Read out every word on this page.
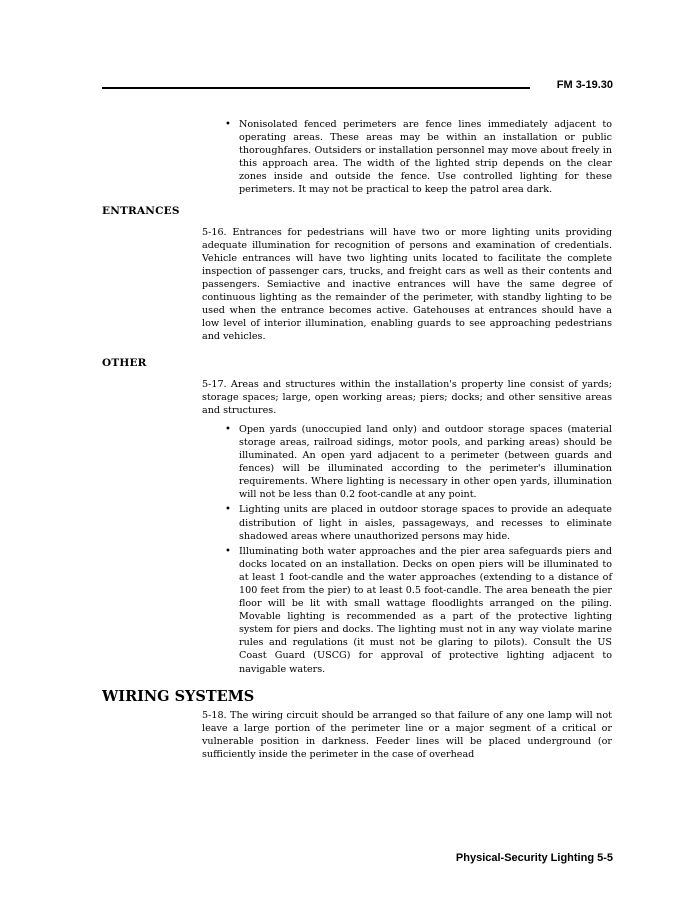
FM 3-19.30
• Nonisolated fenced perimeters are fence lines immediately adjacent to operating areas. These areas may be within an installation or public thoroughfares. Outsiders or installation personnel may move about freely in this approach area. The width of the lighted strip depends on the clear zones inside and outside the fence. Use controlled lighting for these perimeters. It may not be practical to keep the patrol area dark.
ENTRANCES

5-16. Entrances for pedestrians will have two or more lighting units providing adequate illumination for recognition of persons and examination of credentials. Vehicle entrances will have two lighting units located to facilitate the complete inspection of passenger cars, trucks, and freight cars as well as their contents and passengers. Semiactive and inactive entrances will have the same degree of continuous lighting as the remainder of the perimeter, with standby lighting to be used when the entrance becomes active. Gatehouses at entrances should have a low level of interior illumination, enabling guards to see approaching pedestrians and vehicles.

OTHER

5-17. Areas and structures within the installation's property line consist of yards; storage spaces; large, open working areas; piers; docks; and other sensitive areas and structures.

• Open yards (unoccupied land only) and outdoor storage spaces (material storage areas, railroad sidings, motor pools, and parking areas) should be illuminated. An open yard adjacent to a perimeter (between guards and fences) will be illuminated according to the perimeter's illumination requirements. Where lighting is necessary in other open yards, illumination will not be less than 0.2 foot-candle at any point.
• Lighting units are placed in outdoor storage spaces to provide an adequate distribution of light in aisles, passageways, and recesses to eliminate shadowed areas where unauthorized persons may hide.
• Illuminating both water approaches and the pier area safeguards piers and docks located on an installation. Decks on open piers will be illuminated to at least 1 foot-candle and the water approaches (extending to a distance of 100 feet from the pier) to at least 0.5 foot-candle. The area beneath the pier floor will be lit with small wattage floodlights arranged on the piling. Movable lighting is recommended as a part of the protective lighting system for piers and docks. The lighting must not in any way violate marine rules and regulations (it must not be glaring to pilots). Consult the US Coast Guard (USCG) for approval of protective lighting adjacent to navigable waters.
WIRING SYSTEMS

5-18. The wiring circuit should be arranged so that failure of any one lamp will not leave a large portion of the perimeter line or a major segment of a critical or vulnerable position in darkness. Feeder lines will be placed underground (or sufficiently inside the perimeter in the case of overhead

Physical-Security Lighting 5-5
